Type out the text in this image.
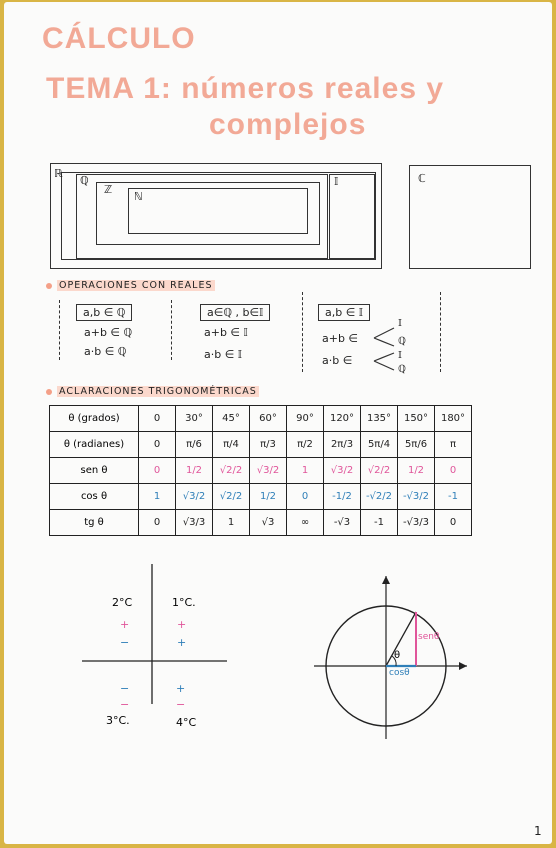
CÁLCULO
TEMA 1: números reales y
complejos
ℝ
ℚ
ℤ
ℕ
𝕀	ℂ
OPERACIONES CON REALES
a,b ∈ ℚ
a+b ∈ ℚ
a·b ∈ ℚ
a∈ℚ , b∈𝕀
a+b ∈ 𝕀
a·b ∈ 𝕀
a,b ∈ 𝕀
a+b ∈
a·b ∈
𝕀
ℚ
𝕀
ℚ
ACLARACIONES TRIGONOMÉTRICAS
θ (grados)	0	30°	45°	60°	90°	120°	135°	150°	180°
θ (radianes)	0	π/6	π/4	π/3	π/2	2π/3	5π/4	5π/6	π
sen θ	0	1/2	√2/2	√3/2	1	√3/2	√2/2	1/2	0
cos θ	1	√3/2	√2/2	1/2	0	-1/2	-√2/2	-√3/2	-1
tg θ	0	√3/3	1	√3	∞	-√3	-1	-√3/3	0
2°C
+
−
1°C.
+
+
−
−
3°C.
+
−
4°C
θ
senθ
cosθ
1
